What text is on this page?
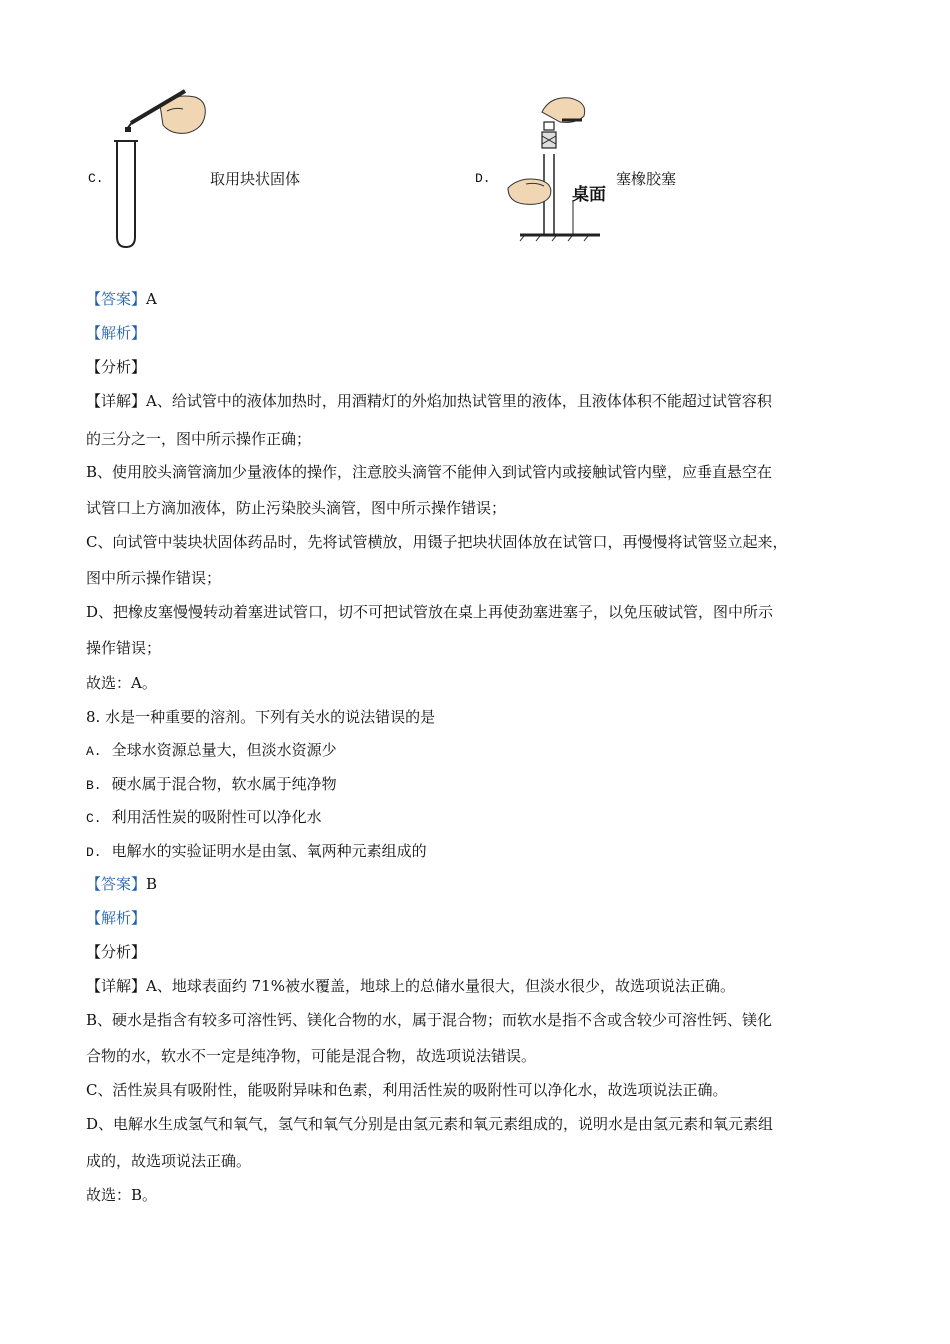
C.	取用块状固体	D.
桌面
塞橡胶塞
【答案】A
【解析】
【分析】
【详解】A、给试管中的液体加热时，用酒精灯的外焰加热试管里的液体，且液体体积不能超过试管容积
的三分之一，图中所示操作正确；
B、使用胶头滴管滴加少量液体的操作，注意胶头滴管不能伸入到试管内或接触试管内壁，应垂直悬空在
试管口上方滴加液体，防止污染胶头滴管，图中所示操作错误；
C、向试管中装块状固体药品时，先将试管横放，用镊子把块状固体放在试管口，再慢慢将试管竖立起来，
图中所示操作错误；
D、把橡皮塞慢慢转动着塞进试管口，切不可把试管放在桌上再使劲塞进塞子，以免压破试管，图中所示
操作错误；
故选：A。
8. 水是一种重要的溶剂。下列有关水的说法错误的是
A. 全球水资源总量大，但淡水资源少
B. 硬水属于混合物，软水属于纯净物
C. 利用活性炭的吸附性可以净化水
D. 电解水的实验证明水是由氢、氧两种元素组成的
【答案】B
【解析】
【分析】
【详解】A、地球表面约 71%被水覆盖，地球上的总储水量很大，但淡水很少，故选项说法正确。
B、硬水是指含有较多可溶性钙、镁化合物的水，属于混合物；而软水是指不含或含较少可溶性钙、镁化
合物的水，软水不一定是纯净物，可能是混合物，故选项说法错误。
C、活性炭具有吸附性，能吸附异味和色素，利用活性炭的吸附性可以净化水，故选项说法正确。
D、电解水生成氢气和氧气，氢气和氧气分别是由氢元素和氧元素组成的，说明水是由氢元素和氧元素组
成的，故选项说法正确。
故选：B。
